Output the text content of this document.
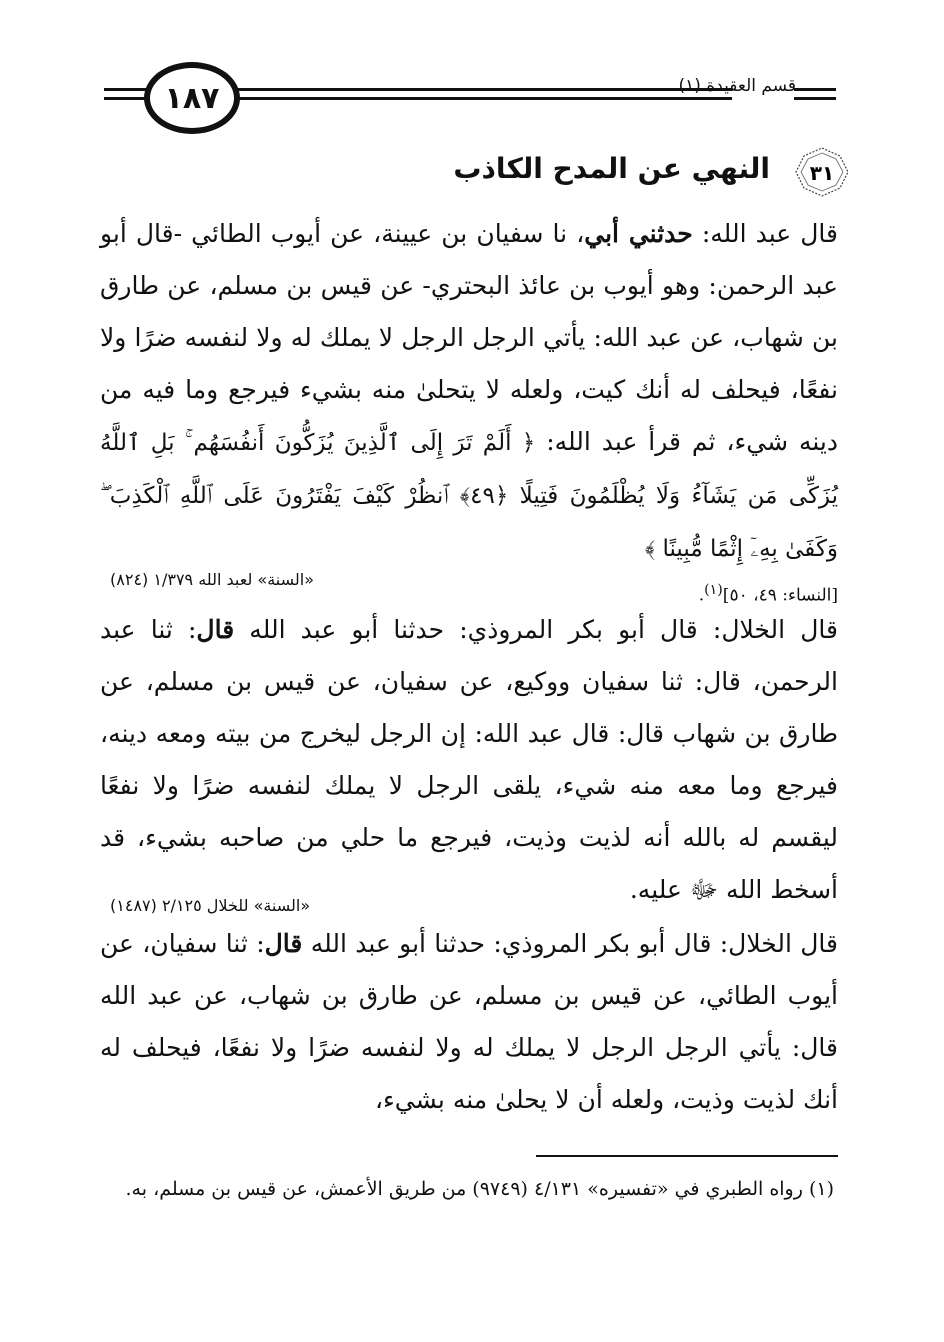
١٨٧	قسم العقيدة (١)
٣١
النهي عن المدح الكاذب
قال عبد الله: حدثني أبي، نا سفيان بن عيينة، عن أيوب الطائي -قال أبو عبد الرحمن: وهو أيوب بن عائذ البحتري- عن قيس بن مسلم، عن طارق بن شهاب، عن عبد الله: يأتي الرجل الرجل لا يملك له ولا لنفسه ضرًا ولا نفعًا، فيحلف له أنك كيت، ولعله لا يتحلىٰ منه بشيء فيرجع وما فيه من دينه شيء، ثم قرأ عبد الله: ﴿ أَلَمْ تَرَ إِلَى ٱلَّذِينَ يُزَكُّونَ أَنفُسَهُم ۚ بَلِ ٱللَّهُ يُزَكِّى مَن يَشَآءُ وَلَا يُظْلَمُونَ فَتِيلًا ﴿٤٩﴾ ٱنظُرْ كَيْفَ يَفْتَرُونَ عَلَى ٱللَّهِ ٱلْكَذِبَ ۖ وَكَفَىٰ بِهِۦٓ إِثْمًا مُّبِينًا ﴾
[النساء: ٤٩، ٥٠]$^{(١)}$.
«السنة» لعبد الله ١/٣٧٩ (٨٢٤)
قال الخلال: قال أبو بكر المروذي: حدثنا أبو عبد الله قال: ثنا عبد الرحمن، قال: ثنا سفيان ووكيع، عن سفيان، عن قيس بن مسلم، عن طارق بن شهاب قال: قال عبد الله: إن الرجل ليخرج من بيته ومعه دينه، فيرجع وما معه منه شيء، يلقى الرجل لا يملك لنفسه ضرًا ولا نفعًا ليقسم له بالله أنه لذيت وذيت، فيرجع ما حلي من صاحبه بشيء، قد أسخط الله ﷻ عليه.
«السنة» للخلال ٢/١٢٥ (١٤٨٧)
قال الخلال: قال أبو بكر المروذي: حدثنا أبو عبد الله قال: ثنا سفيان، عن أيوب الطائي، عن قيس بن مسلم، عن طارق بن شهاب، عن عبد الله قال: يأتي الرجل الرجل لا يملك له ولا لنفسه ضرًا ولا نفعًا، فيحلف له أنك لذيت وذيت، ولعله أن لا يحلىٰ منه بشيء،
(١) رواه الطبري في «تفسيره» ٤/١٣١ (٩٧٤٩) من طريق الأعمش، عن قيس بن مسلم، به.
